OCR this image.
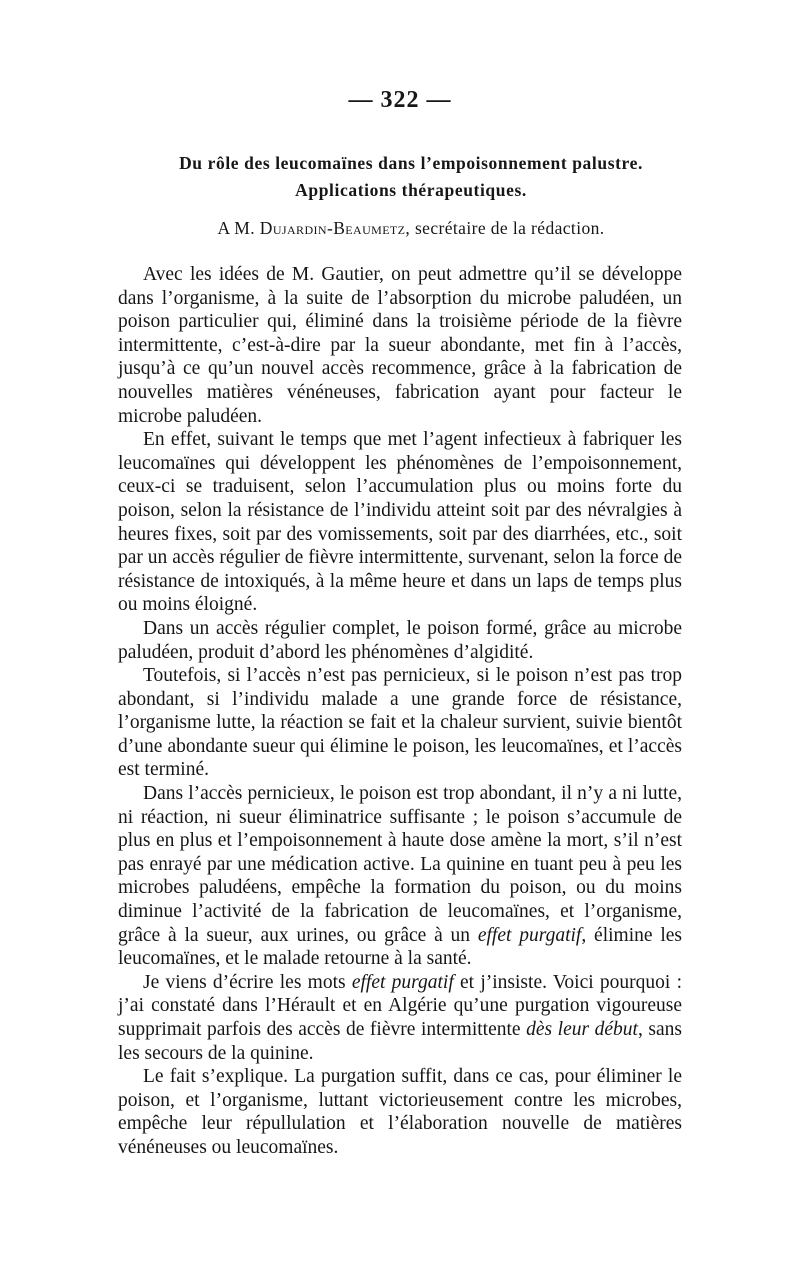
— 322 —
Du rôle des leucomaïnes dans l’empoisonnement palustre.
Applications thérapeutiques.
A M. Dujardin-Beaumetz, secrétaire de la rédaction.

Avec les idées de M. Gautier, on peut admettre qu’il se développe dans l’organisme, à la suite de l’absorption du microbe paludéen, un poison particulier qui, éliminé dans la troisième période de la fièvre intermittente, c’est-à-dire par la sueur abondante, met fin à l’accès, jusqu’à ce qu’un nouvel accès recommence, grâce à la fabrication de nouvelles matières vénéneuses, fabrication ayant pour facteur le microbe paludéen.

En effet, suivant le temps que met l’agent infectieux à fabriquer les leucomaïnes qui développent les phénomènes de l’empoisonnement, ceux-ci se traduisent, selon l’accumulation plus ou moins forte du poison, selon la résistance de l’individu atteint soit par des névralgies à heures fixes, soit par des vomissements, soit par des diarrhées, etc., soit par un accès régulier de fièvre intermittente, survenant, selon la force de résistance de intoxiqués, à la même heure et dans un laps de temps plus ou moins éloigné.

Dans un accès régulier complet, le poison formé, grâce au microbe paludéen, produit d’abord les phénomènes d’algidité.

Toutefois, si l’accès n’est pas pernicieux, si le poison n’est pas trop abondant, si l’individu malade a une grande force de résistance, l’organisme lutte, la réaction se fait et la chaleur survient, suivie bientôt d’une abondante sueur qui élimine le poison, les leucomaïnes, et l’accès est terminé.

Dans l’accès pernicieux, le poison est trop abondant, il n’y a ni lutte, ni réaction, ni sueur éliminatrice suffisante ; le poison s’accumule de plus en plus et l’empoisonnement à haute dose amène la mort, s’il n’est pas enrayé par une médication active. La quinine en tuant peu à peu les microbes paludéens, empêche la formation du poison, ou du moins diminue l’activité de la fabrication de leucomaïnes, et l’organisme, grâce à la sueur, aux urines, ou grâce à un effet purgatif, élimine les leucomaïnes, et le malade retourne à la santé.

Je viens d’écrire les mots effet purgatif et j’insiste. Voici pourquoi : j’ai constaté dans l’Hérault et en Algérie qu’une purgation vigoureuse supprimait parfois des accès de fièvre intermittente dès leur début, sans les secours de la quinine.

Le fait s’explique. La purgation suffit, dans ce cas, pour éliminer le poison, et l’organisme, luttant victorieusement contre les microbes, empêche leur répullulation et l’élaboration nouvelle de matières vénéneuses ou leucomaïnes.
